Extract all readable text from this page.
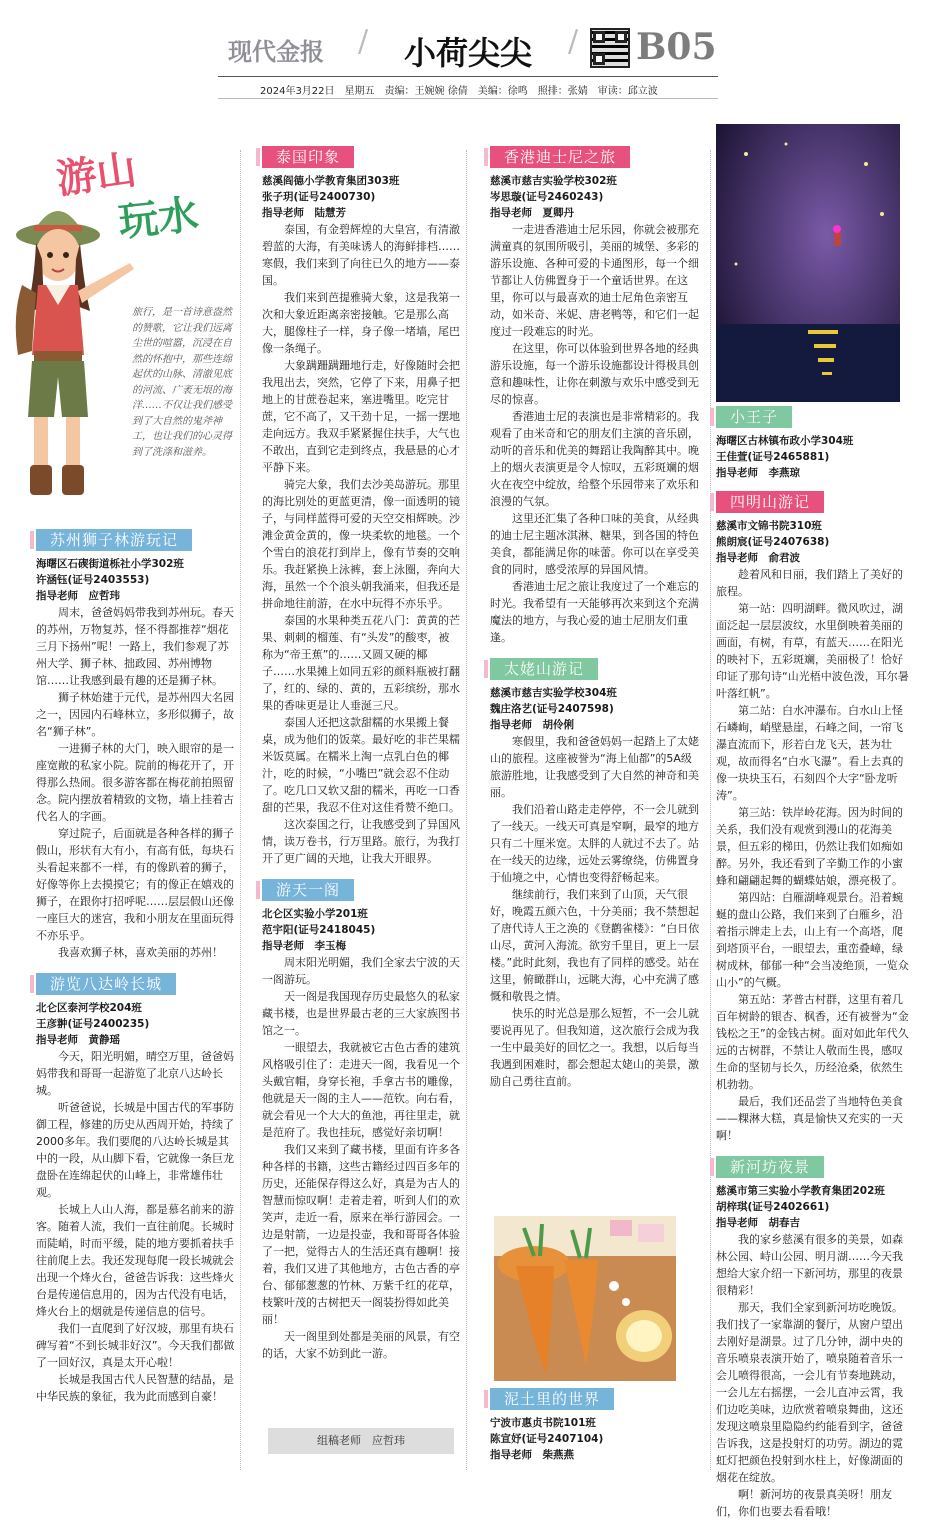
现代金报 / 小荷尖尖 / B05
2024年3月22日　星期五　责编：王婉婉 徐倩　美编：徐鸣　照排：张婧　审读：邱立波
游山
玩水
旅行，是一首诗意盎然的赞歌，它让我们远离尘世的喧嚣，沉浸在自然的怀抱中，那些连绵起伏的山脉、清澈见底的河流、广袤无垠的海洋……不仅让我们感受到了大自然的鬼斧神工，也让我们的心灵得到了洗涤和滋养。
苏州狮子林游玩记
海曙区石碶街道栎社小学302班
许涵钰(证号2403553)
指导老师　应哲玮

周末，爸爸妈妈带我到苏州玩。春天的苏州，万物复苏，怪不得都推荐“烟花三月下扬州”呢！一路上，我们参观了苏州大学、狮子林、拙政园、苏州博物馆……让我感到最有趣的还是狮子林。

狮子林始建于元代，是苏州四大名园之一，因园内石峰林立，多形似狮子，故名“狮子林”。

一进狮子林的大门，映入眼帘的是一座宽敞的私家小院。院前的梅花开了，开得那么热闹。很多游客都在梅花前拍照留念。院内摆放着精致的文物，墙上挂着古代名人的字画。

穿过院子，后面就是各种各样的狮子假山，形状有大有小，有高有低，每块石头看起来都不一样，有的像趴着的狮子，好像等你上去摸摸它；有的像正在嬉戏的狮子，在跟你打招呼呢……层层假山还像一座巨大的迷宫，我和小朋友在里面玩得不亦乐乎。

我喜欢狮子林，喜欢美丽的苏州！

游览八达岭长城
北仑区泰河学校204班
王彦翀(证号2400235)
指导老师　黄静瑶

今天，阳光明媚，晴空万里，爸爸妈妈带我和哥哥一起游览了北京八达岭长城。

听爸爸说，长城是中国古代的军事防御工程，修建的历史从西周开始，持续了2000多年。我们要爬的八达岭长城是其中的一段，从山脚下看，它就像一条巨龙盘卧在连绵起伏的山峰上，非常雄伟壮观。

长城上人山人海，都是慕名前来的游客。随着人流，我们一直往前爬。长城时而陡峭，时而平缓，陡的地方要抓着扶手往前爬上去。我还发现每爬一段长城就会出现一个烽火台，爸爸告诉我：这些烽火台是传递信息用的，因为古代没有电话，烽火台上的烟就是传递信息的信号。

我们一直爬到了好汉坡，那里有块石碑写着“不到长城非好汉”。今天我们都做了一回好汉，真是太开心啦！

长城是我国古代人民智慧的结晶，是中华民族的象征，我为此而感到自豪！

泰国印象
慈溪阎德小学教育集团303班
张子玥(证号2400730)
指导老师　陆慧芳

泰国，有金碧辉煌的大皇宫，有清澈碧蓝的大海，有美味诱人的海鲜排档……寒假，我们来到了向往已久的地方——泰国。

我们来到芭提雅骑大象，这是我第一次和大象近距离亲密接触。它是那么高大，腿像柱子一样，身子像一堵墙，尾巴像一条绳子。

大象蹒跚蹒跚地行走，好像随时会把我甩出去，突然，它停了下来，用鼻子把地上的甘蔗卷起来，塞进嘴里。吃完甘蔗，它不高了，又干劲十足，一摇一摆地走向远方。我双手紧紧握住扶手，大气也不敢出，直到它走到终点，我悬悬的心才平静下来。

骑完大象，我们去沙美岛游玩。那里的海比别处的更蓝更清，像一面透明的镜子，与同样蓝得可爱的天空交相辉映。沙滩金黄金黄的，像一块柔软的地毯。一个个雪白的浪花打到岸上，像有节奏的交响乐。我赶紧换上泳裤，套上泳圈，奔向大海，虽然一个个浪头朝我涌来，但我还是拼命地往前游，在水中玩得不亦乐乎。

泰国的水果种类五花八门：黄黄的芒果、刺刺的榴莲、有“头发”的酸枣，被称为“帝王蕉”的……又圆又硬的椰子……水果摊上如同五彩的颜料瓶被打翻了，红的、绿的、黄的，五彩缤纷，那水果的香味更是让人垂涎三尺。

泰国人还把这款甜糯的水果搬上餐桌，成为他们的饭菜。最好吃的非芒果糯米饭莫属。在糯米上淘一点乳白色的椰汁，吃的时候，“小嘴巴”就会忍不住动了。吃几口又软又甜的糯米，再吃一口香甜的芒果，我忍不住对这佳肴赞不绝口。

这次泰国之行，让我感受到了异国风情，读万卷书，行万里路。旅行，为我打开了更广阔的天地，让我大开眼界。

游天一阁
北仑区实验小学201班
范宇阳(证号2418045)
指导老师　李玉梅

周末阳光明媚，我们全家去宁波的天一阁游玩。

天一阁是我国现存历史最悠久的私家藏书楼，也是世界最古老的三大家族图书馆之一。

一眼望去，我就被它古色古香的建筑风格吸引住了：走进天一阁，我看见一个头戴官帽，身穿长袍，手拿古书的雕像，他就是天一阁的主人——范钦。向右看，就会看见一个大大的鱼池，再往里走，就是范府了。我也挂玩，感觉好亲切啊！

我们又来到了藏书楼，里面有许多各种各样的书籍，这些古籍经过四百多年的历史，还能保存得这么好，真是为古人的智慧而惊叹啊！走着走着，听到人们的欢笑声，走近一看，原来在举行游园会。一边是射箭，一边是投壶，我和哥哥各体验了一把，觉得古人的生活还真有趣啊！接着，我们又进了其他地方，古色古香的亭台、郁郁葱葱的竹林、万紫千红的花草，枝繁叶茂的古树把天一阁装扮得如此美丽！

天一阁里到处都是美丽的风景，有空的话，大家不妨到此一游。

组稿老师　应哲玮
香港迪士尼之旅
慈溪市慈吉实验学校302班
岑思璇(证号2460243)
指导老师　夏卿丹

一走进香港迪士尼乐园，你就会被那充满童真的氛围所吸引，美丽的城堡、多彩的游乐设施、各种可爱的卡通图形，每一个细节都让人仿佛置身于一个童话世界。在这里，你可以与最喜欢的迪士尼角色亲密互动，如米奇、米妮、唐老鸭等，和它们一起度过一段难忘的时光。

在这里，你可以体验到世界各地的经典游乐设施，每一个游乐设施都设计得极具创意和趣味性，让你在刺激与欢乐中感受到无尽的惊喜。

香港迪士尼的表演也是非常精彩的。我观看了由米奇和它的朋友们主演的音乐剧，动听的音乐和优美的舞蹈让我陶醉其中。晚上的烟火表演更是令人惊叹，五彩斑斓的烟火在夜空中绽放，给整个乐园带来了欢乐和浪漫的气氛。

这里还汇集了各种口味的美食，从经典的迪士尼主题冰淇淋、糖果，到各国的特色美食，都能满足你的味蕾。你可以在享受美食的同时，感受浓厚的异国风情。

香港迪士尼之旅让我度过了一个难忘的时光。我希望有一天能够再次来到这个充满魔法的地方，与我心爱的迪士尼朋友们重逢。

太姥山游记
慈溪市慈吉实验学校304班
魏庄洛艺(证号2407598)
指导老师　胡伶俐

寒假里，我和爸爸妈妈一起踏上了太姥山的旅程。这座被誉为“海上仙都”的5A级旅游胜地，让我感受到了大自然的神奇和美丽。

我们沿着山路走走停停，不一会儿就到了一线天。一线天可真是窄啊，最窄的地方只有二十厘米宽。太胖的人就过不去了。站在一线天的边缘，远处云雾缭绕，仿佛置身于仙境之中，心情也变得舒畅起来。

继续前行，我们来到了山顶，天气很好，晚霞五颜六色，十分美丽；我不禁想起了唐代诗人王之涣的《登鹳雀楼》：“白日依山尽，黄河入海流。欲穷千里目，更上一层楼。”此时此刻，我也有了同样的感受。站在这里，俯瞰群山，远眺大海，心中充满了感慨和敬畏之情。

快乐的时光总是那么短暂，不一会儿就要说再见了。但我知道，这次旅行会成为我一生中最美好的回忆之一。我想，以后每当我遇到困难时，都会想起太姥山的美景，激励自己勇往直前。

泥土里的世界
宁波市惠贞书院101班
陈宣妤(证号2407104)
指导老师　柴燕燕
小王子
海曙区古林镇布政小学304班
王佳萱(证号2465881)
指导老师　李燕琼
四明山游记
慈溪市文锦书院310班
熊朗宸(证号2407638)
指导老师　俞君波

趁着风和日丽，我们踏上了美好的旅程。

第一站：四明湖畔。微风吹过，湖面泛起一层层波纹，水里倒映着美丽的画面，有树，有草，有蓝天……在阳光的映衬下，五彩斑斓，美丽极了！恰好印证了那句诗“山光梧中波色泼，耳尔暑叶落红帆”。

第二站：白水冲瀑布。白水山上怪石嶙峋，峭壁悬崖，石峰之间，一帘飞瀑直流而下，形若白龙飞天，甚为壮观，故而得名“白水飞瀑”。看上去真的像一块块玉石，石刻四个大字“卧龙听涛”。

第三站：铁岸岭花海。因为时间的关系，我们没有观赏到漫山的花海美景，但五彩的梯田，仍然让我们如痴如醉。另外，我还看到了辛勤工作的小蜜蜂和翩翩起舞的蝴蝶姑娘，漂亮极了。

第四站：白雁湖峰观景台。沿着蜿蜒的盘山公路，我们来到了白雁乡，沿着指示牌走上去，山上有一个高塔，爬到塔顶平台，一眼望去，重峦叠嶂，绿树成林，郁郁一种“会当凌绝顶，一览众山小”的气概。

第五站：茅普古村群，这里有着几百年树龄的银杏、枫香，还有被誉为“金钱松之王”的金钱古树。面对如此年代久远的古树群，不禁让人敬而生畏，感叹生命的坚韧与长久，历经沧桑，依然生机勃勃。

最后，我们还品尝了当地特色美食——粿淋大糕，真是愉快又充实的一天啊！

新河坊夜景
慈溪市第三实验小学教育集团202班
胡梓琪(证号2402661)
指导老师　胡春吉

我的家乡慈溪有很多的美景，如森林公园、峙山公园、明月湖……今天我想给大家介绍一下新河坊，那里的夜景很精彩！

那天，我们全家到新河坊吃晚饭。我们找了一家靠湖的餐厅，从窗户望出去刚好是湖景。过了几分钟，湖中央的音乐喷泉表演开始了，喷泉随着音乐一会儿喷得很高，一会儿有节奏地跳动，一会儿左右摇摆，一会儿直冲云霄，我们边吃美味，边欣赏着喷泉舞曲，这还发现这喷泉里隐隐约约能看到字，爸爸告诉我，这是投射灯的功劳。湖边的霓虹灯把颜色投射到水柱上，好像湖面的烟花在绽放。

啊！新河坊的夜景真美呀！朋友们，你们也要去看看哦！
